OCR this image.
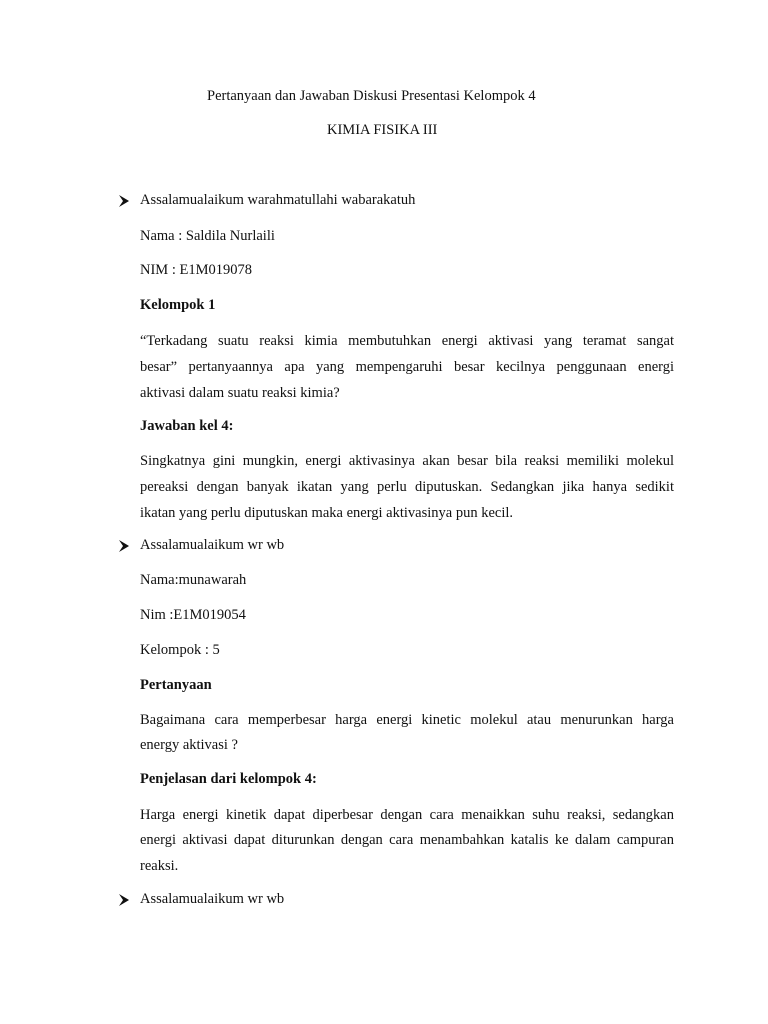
Pertanyaan dan Jawaban Diskusi Presentasi Kelompok 4
KIMIA FISIKA III
Assalamualaikum warahmatullahi wabarakatuh
Nama : Saldila Nurlaili
NIM : E1M019078
Kelompok 1
“Terkadang suatu reaksi kimia membutuhkan energi aktivasi yang teramat sangat
besar” pertanyaannya apa yang mempengaruhi besar kecilnya penggunaan energi
aktivasi dalam suatu reaksi kimia?
Jawaban kel 4:
Singkatnya gini mungkin, energi aktivasinya akan besar bila reaksi memiliki molekul
pereaksi dengan banyak ikatan yang perlu diputuskan. Sedangkan jika hanya sedikit
ikatan yang perlu diputuskan maka energi aktivasinya pun kecil.
Assalamualaikum wr wb
Nama:munawarah
Nim :E1M019054
Kelompok : 5
Pertanyaan
Bagaimana cara memperbesar harga energi kinetic molekul atau menurunkan harga
energy aktivasi ?
Penjelasan dari kelompok 4:
Harga energi kinetik dapat diperbesar dengan cara menaikkan suhu reaksi, sedangkan
energi aktivasi dapat diturunkan dengan cara menambahkan katalis ke dalam campuran
reaksi.
Assalamualaikum wr wb
